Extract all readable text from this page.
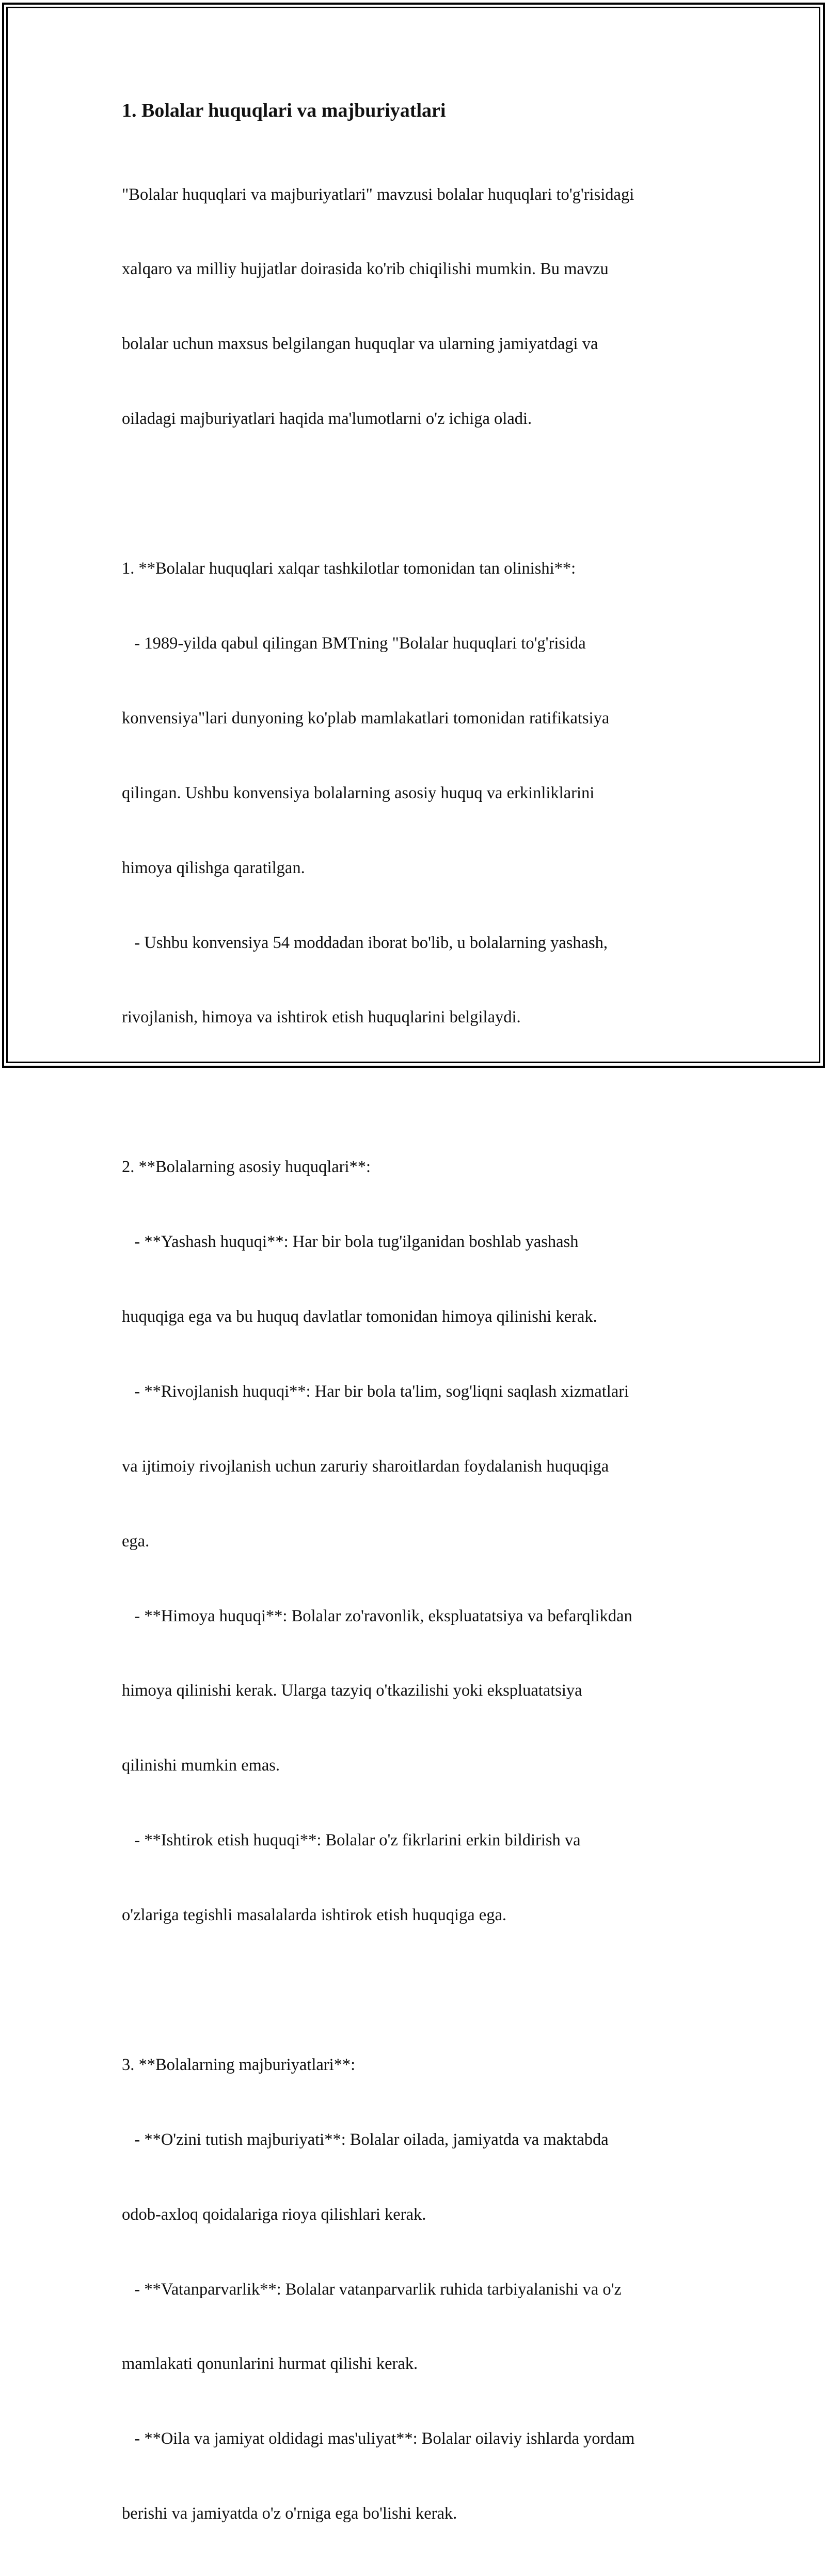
1. Bolalar huquqlari va majburiyatlari

"Bolalar huquqlari va majburiyatlari" mavzusi bolalar huquqlari to'g'risidagi

xalqaro va milliy hujjatlar doirasida ko'rib chiqilishi mumkin. Bu mavzu

bolalar uchun maxsus belgilangan huquqlar va ularning jamiyatdagi va

oiladagi majburiyatlari haqida ma'lumotlarni o'z ichiga oladi.

1. **Bolalar huquqlari xalqar tashkilotlar tomonidan tan olinishi**:

- 1989-yilda qabul qilingan BMTning "Bolalar huquqlari to'g'risida

konvensiya"lari dunyoning ko'plab mamlakatlari tomonidan ratifikatsiya

qilingan. Ushbu konvensiya bolalarning asosiy huquq va erkinliklarini

himoya qilishga qaratilgan.

- Ushbu konvensiya 54 moddadan iborat bo'lib, u bolalarning yashash,

rivojlanish, himoya va ishtirok etish huquqlarini belgilaydi.

2. **Bolalarning asosiy huquqlari**:

- **Yashash huquqi**: Har bir bola tug'ilganidan boshlab yashash

huquqiga ega va bu huquq davlatlar tomonidan himoya qilinishi kerak.

- **Rivojlanish huquqi**: Har bir bola ta'lim, sog'liqni saqlash xizmatlari

va ijtimoiy rivojlanish uchun zaruriy sharoitlardan foydalanish huquqiga

ega.

- **Himoya huquqi**: Bolalar zo'ravonlik, ekspluatatsiya va befarqlikdan

himoya qilinishi kerak. Ularga tazyiq o'tkazilishi yoki ekspluatatsiya

qilinishi mumkin emas.

- **Ishtirok etish huquqi**: Bolalar o'z fikrlarini erkin bildirish va

o'zlariga tegishli masalalarda ishtirok etish huquqiga ega.

3. **Bolalarning majburiyatlari**:

- **O'zini tutish majburiyati**: Bolalar oilada, jamiyatda va maktabda

odob-axloq qoidalariga rioya qilishlari kerak.

- **Vatanparvarlik**: Bolalar vatanparvarlik ruhida tarbiyalanishi va o'z

mamlakati qonunlarini hurmat qilishi kerak.

- **Oila va jamiyat oldidagi mas'uliyat**: Bolalar oilaviy ishlarda yordam

berishi va jamiyatda o'z o'rniga ega bo'lishi kerak.
